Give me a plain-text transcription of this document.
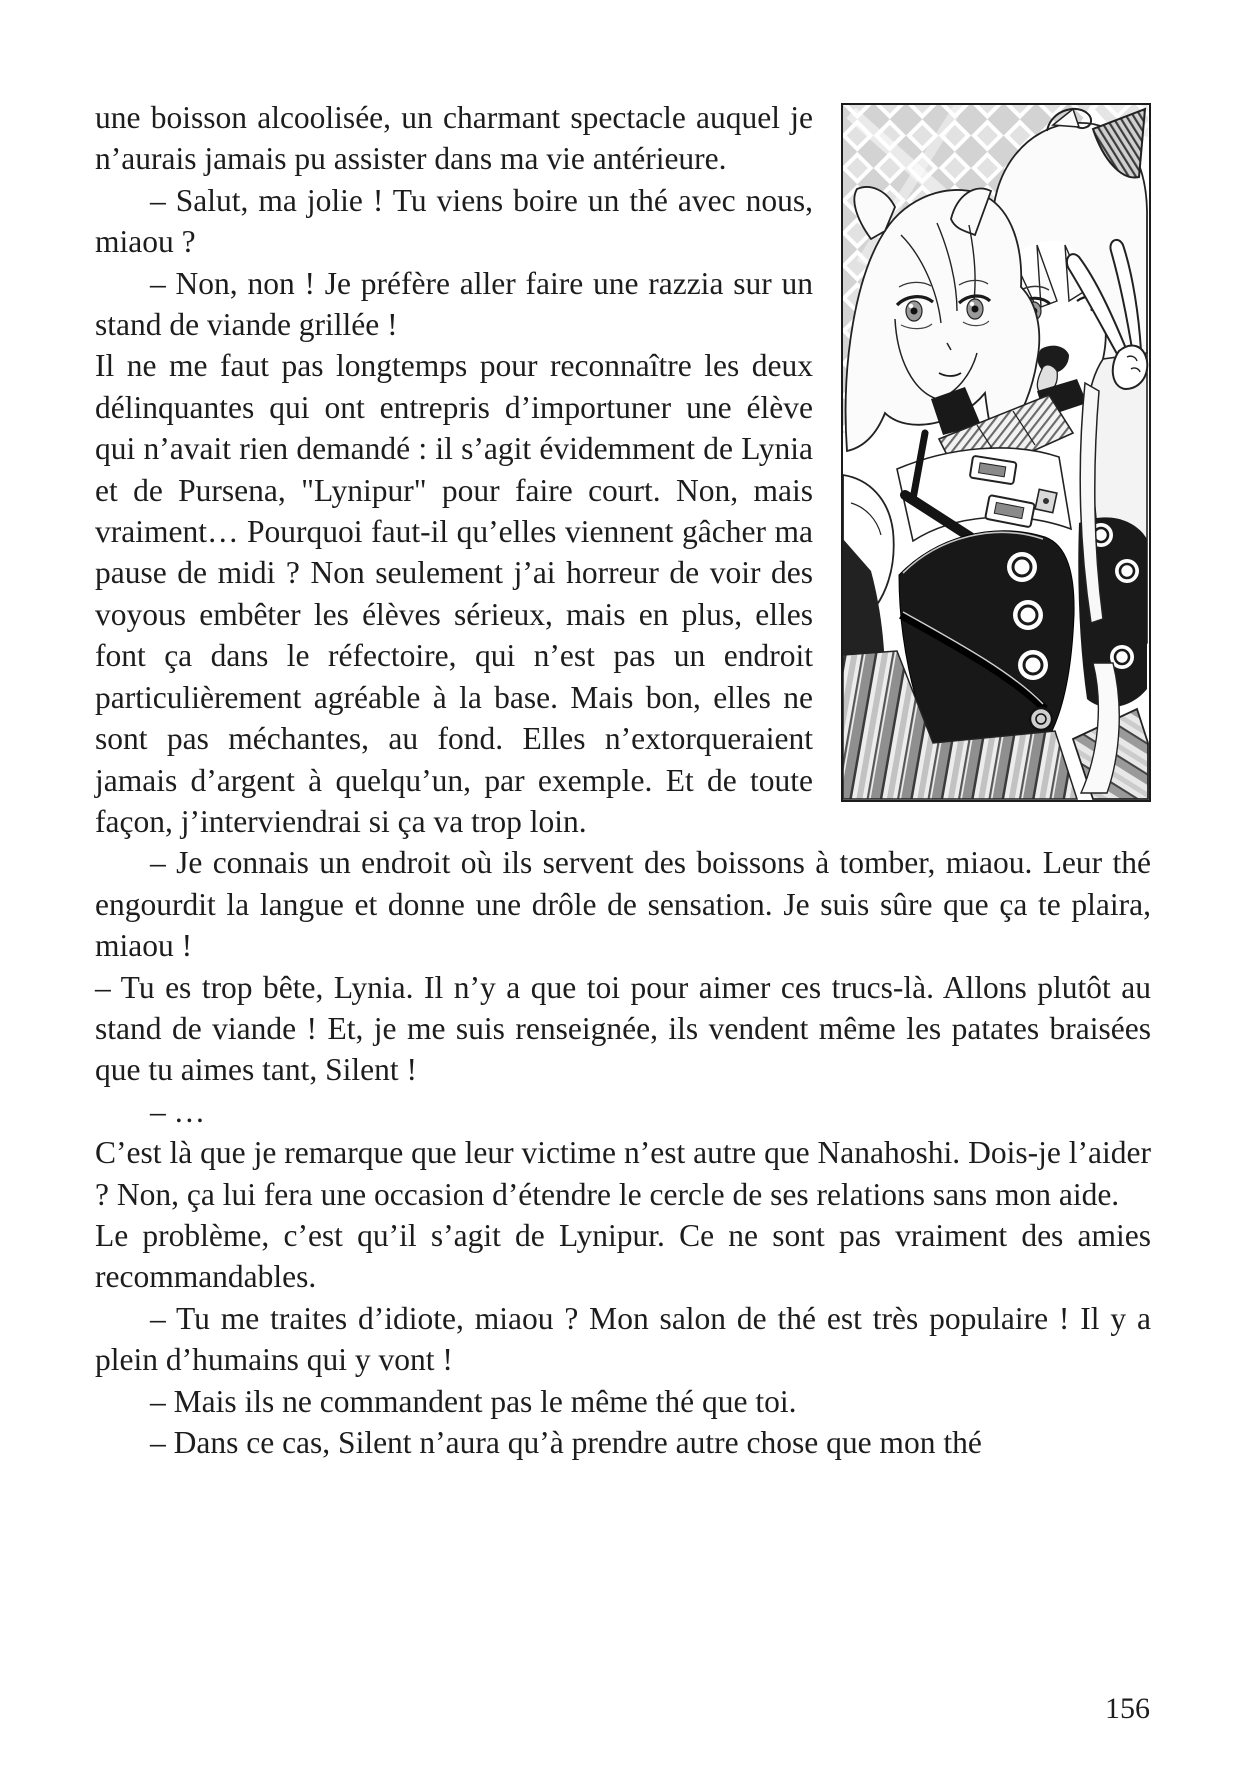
une boisson alcoolisée, un charmant spectacle auquel je n’aurais jamais pu assister dans ma vie antérieure.

– Salut, ma jolie ! Tu viens boire un thé avec nous, miaou ?

– Non, non ! Je préfère aller faire une razzia sur un stand de viande grillée !

Il ne me faut pas longtemps pour reconnaître les deux délinquantes qui ont entrepris d’importuner une élève qui n’avait rien demandé : il s’agit évidemment de Lynia et de Pursena, "Lynipur" pour faire court. Non, mais vraiment… Pourquoi faut-il qu’elles viennent gâcher ma pause de midi ? Non seulement j’ai horreur de voir des voyous embêter les élèves sérieux, mais en plus, elles font ça dans le réfectoire, qui n’est pas un endroit particulièrement agréable à la base. Mais bon, elles ne sont pas méchantes, au fond. Elles n’extorqueraient jamais d’argent à quelqu’un, par exemple. Et de toute façon, j’interviendrai si ça va trop loin.

– Je connais un endroit où ils servent des boissons à tomber, miaou. Leur thé engourdit la langue et donne une drôle de sensation. Je suis sûre que ça te plaira, miaou !

– Tu es trop bête, Lynia. Il n’y a que toi pour aimer ces trucs-là. Allons plutôt au stand de viande ! Et, je me suis renseignée, ils vendent même les patates braisées que tu aimes tant, Silent !

– …

C’est là que je remarque que leur victime n’est autre que Nanahoshi. Dois-je l’aider ? Non, ça lui fera une occasion d’étendre le cercle de ses relations sans mon aide.

Le problème, c’est qu’il s’agit de Lynipur. Ce ne sont pas vraiment des amies recommandables.

– Tu me traites d’idiote, miaou ? Mon salon de thé est très populaire ! Il y a plein d’humains qui y vont !

– Mais ils ne commandent pas le même thé que toi.

– Dans ce cas, Silent n’aura qu’à prendre autre chose que mon thé

156
